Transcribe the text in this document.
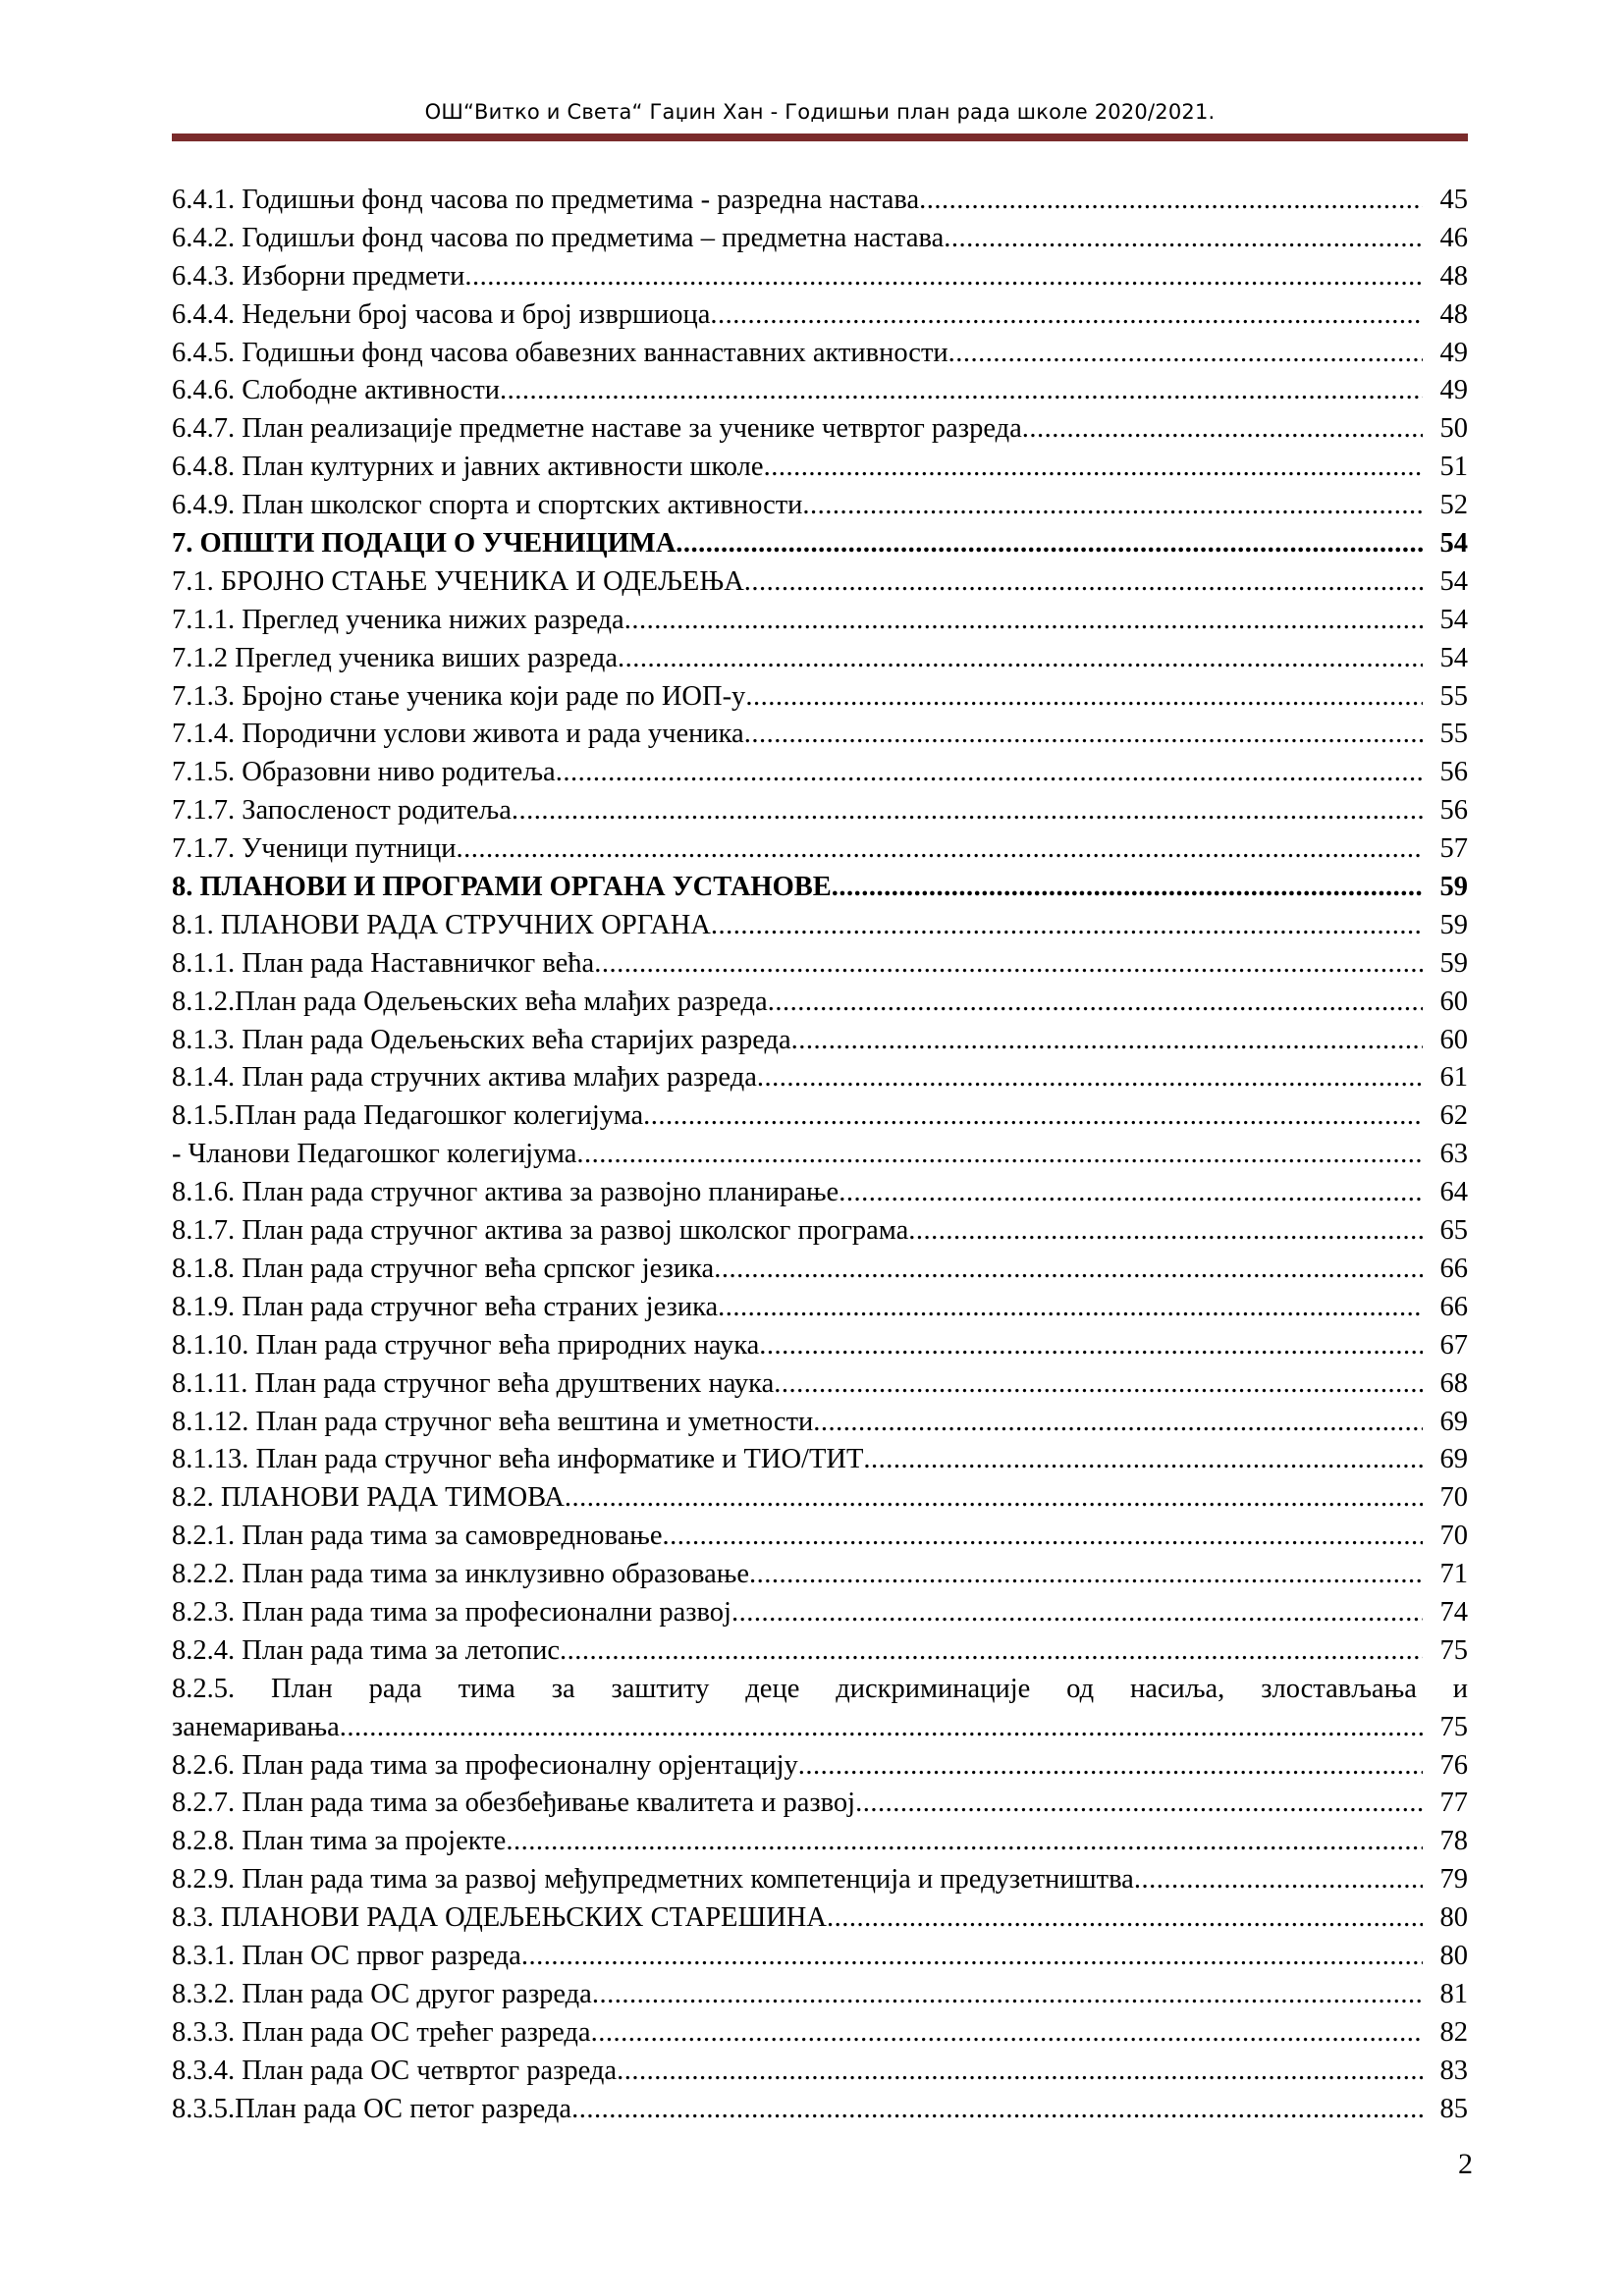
ОШ“Витко и Света“ Гаџин Хан - Годишњи план рада школе 2020/2021.
6.4.1. Годишњи фонд часова по предметима - разредна настава .....	45
6.4.2. Годишљи фонд часова по предметима – предметна настава .....	46
6.4.3. Изборни предмети .....	48
6.4.4. Недељни број часова и број извршиоца .....	48
6.4.5. Годишњи фонд часова обавезних ваннаставних активности .....	49
6.4.6. Слободне активности .....	49
6.4.7. План реализације предметне наставе за ученике четвртог разреда .....	50
6.4.8. План културних и јавних активности школе .....	51
6.4.9. План школског спорта и спортских активности .....	52
7. ОПШТИ ПОДАЦИ О УЧЕНИЦИМА .....	54
7.1. БРОЈНО СТАЊЕ УЧЕНИКА И ОДЕЉЕЊА .....	54
7.1.1. Преглед ученика нижих разреда .....	54
7.1.2 Преглед ученика виших разреда .....	54
7.1.3. Бројно стање ученика који раде по ИОП-у .....	55
7.1.4. Породични услови живота и рада ученика .....	55
7.1.5. Образовни ниво родитеља .....	56
7.1.7. Запосленост родитеља .....	56
7.1.7. Ученици путници .....	57
8. ПЛАНОВИ И ПРОГРАМИ ОРГАНА УСТАНОВЕ .....	59
8.1. ПЛАНОВИ РАДА СТРУЧНИХ ОРГАНА .....	59
8.1.1. План рада Наставничког већа .....	59
8.1.2.План рада Одељењских већа млађих разреда .....	60
8.1.3. План рада Одељењских већа старијих разреда .....	60
8.1.4. План рада стручних актива млађих разреда .....	61
8.1.5.План рада Педагошког колегијума .....	62
- Чланови Педагошког колегијума .....	63
8.1.6. План рада стручног актива за развојно планирање .....	64
8.1.7. План рада стручног актива за развој школског програма .....	65
8.1.8. План рада стручног већа српског језика .....	66
8.1.9. План рада стручног већа страних језика .....	66
8.1.10. План рада стручног већа природних наука .....	67
8.1.11. План рада стручног већа друштвених наука .....	68
8.1.12. План рада стручног већа вештина и уметности .....	69
8.1.13. План рада стручног већа информатике и ТИО/ТИТ .....	69
8.2. ПЛАНОВИ РАДА ТИМОВА .....	70
8.2.1. План рада тима за самовредновање .....	70
8.2.2. План рада тима за инклузивно образовање .....	71
8.2.3. План рада тима за професионални развој .....	74
8.2.4. План рада тима за летопис .....	75
8.2.5. План рада тима за заштиту деце дискриминације од насиља, злоставља​ња и
занемаривања .....	75
8.2.6. План рада тима за професионалну орјентацију .....	76
8.2.7. План рада тима за обезбеђивање квалитета и развој .....	77
8.2.8. План тима за пројекте .....	78
8.2.9. План рада тима за развој међупредметних компетенција и предузетништва .....	79
8.3. ПЛАНОВИ РАДА ОДЕЉЕЊСКИХ СТАРЕШИНА .....	80
8.3.1. План ОС првог разреда .....	80
8.3.2. План рада ОС другог разреда .....	81
8.3.3. План рада ОС трећег разреда .....	82
8.3.4. План рада ОС четвртог разреда .....	83
8.3.5.План рада ОС петог разреда .....	85
2
